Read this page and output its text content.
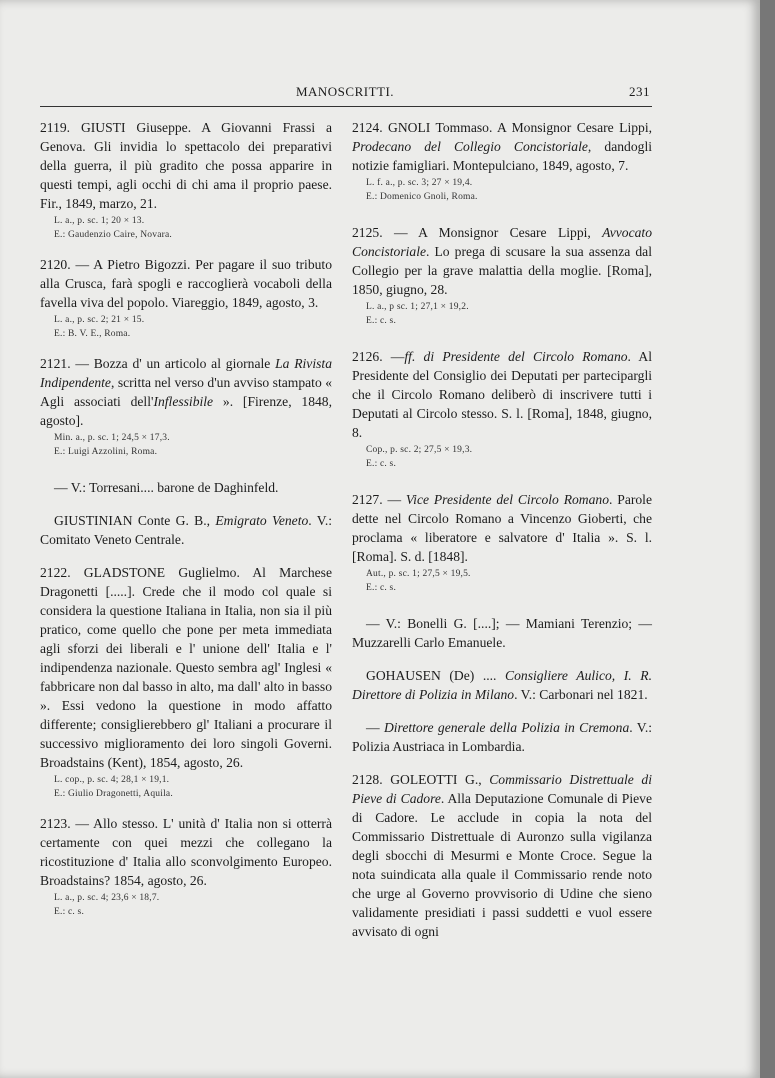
MANOSCRITTI.	231
2119. GIUSTI Giuseppe. A Giovanni Frassi a Genova. Gli invidia lo spettacolo dei preparativi della guerra, il più gradito che possa apparire in questi tempi, agli occhi di chi ama il proprio paese. Fir., 1849, marzo, 21.
L. a., p. sc. 1; 20 × 13.
E.: Gaudenzio Caire, Novara.
2120. — A Pietro Bigozzi. Per pagare il suo tributo alla Crusca, farà spogli e raccoglierà vocaboli della favella viva del popolo. Viareggio, 1849, agosto, 3.
L. a., p. sc. 2; 21 × 15.
E.: B. V. E., Roma.
2121. — Bozza d' un articolo al giornale La Rivista Indipendente, scritta nel verso d'un avviso stampato « Agli associati dell'Inflessibile ». [Firenze, 1848, agosto].
Min. a., p. sc. 1; 24,5 × 17,3.
E.: Luigi Azzolini, Roma.
— V.: Torresani.... barone de Daghinfeld.
GIUSTINIAN Conte G. B., Emigrato Veneto. V.: Comitato Veneto Centrale.
2122. GLADSTONE Guglielmo. Al Marchese Dragonetti [.....]. Crede che il modo col quale si considera la questione Italiana in Italia, non sia il più pratico, come quello che pone per meta immediata agli sforzi dei liberali e l' unione dell' Italia e l' indipendenza nazionale. Questo sembra agl' Inglesi « fabbricare non dal basso in alto, ma dall' alto in basso ». Essi vedono la questione in modo affatto differente; consiglierebbero gl' Italiani a procurare il successivo miglioramento dei loro singoli Governi. Broadstains (Kent), 1854, agosto, 26.
L. cop., p. sc. 4; 28,1 × 19,1.
E.: Giulio Dragonetti, Aquila.
2123. — Allo stesso. L' unità d' Italia non si otterrà certamente con quei mezzi che collegano la ricostituzione d' Italia allo sconvolgimento Europeo. Broadstains? 1854, agosto, 26.
L. a., p. sc. 4; 23,6 × 18,7.
E.: c. s.
2124. GNOLI Tommaso. A Monsignor Cesare Lippi, Prodecano del Collegio Concistoriale, dandogli notizie famigliari. Montepulciano, 1849, agosto, 7.
L. f. a., p. sc. 3; 27 × 19,4.
E.: Domenico Gnoli, Roma.
2125. — A Monsignor Cesare Lippi, Avvocato Concistoriale. Lo prega di scusare la sua assenza dal Collegio per la grave malattia della moglie. [Roma], 1850, giugno, 28.
L. a., p sc. 1; 27,1 × 19,2.
E.: c. s.
2126. —ff. di Presidente del Circolo Romano. Al Presidente del Consiglio dei Deputati per partecipargli che il Circolo Romano deliberò di inscrivere tutti i Deputati al Circolo stesso. S. l. [Roma], 1848, giugno, 8.
Cop., p. sc. 2; 27,5 × 19,3.
E.: c. s.
2127. — Vice Presidente del Circolo Romano. Parole dette nel Circolo Romano a Vincenzo Gioberti, che proclama « liberatore e salvatore d' Italia ». S. l. [Roma]. S. d. [1848].
Aut., p. sc. 1; 27,5 × 19,5.
E.: c. s.
— V.: Bonelli G. [....]; — Mamiani Terenzio; — Muzzarelli Carlo Emanuele.
GOHAUSEN (De) .... Consigliere Aulico, I. R. Direttore di Polizia in Milano. V.: Carbonari nel 1821.
— Direttore generale della Polizia in Cremona. V.: Polizia Austriaca in Lombardia.
2128. GOLEOTTI G., Commissario Distrettuale di Pieve di Cadore. Alla Deputazione Comunale di Pieve di Cadore. Le acclude in copia la nota del Commissario Distrettuale di Auronzo sulla vigilanza degli sbocchi di Mesurmi e Monte Croce. Segue la nota suindicata alla quale il Commissario rende noto che urge al Governo provvisorio di Udine che sieno validamente presidiati i passi suddetti e vuol essere avvisato di ogni
